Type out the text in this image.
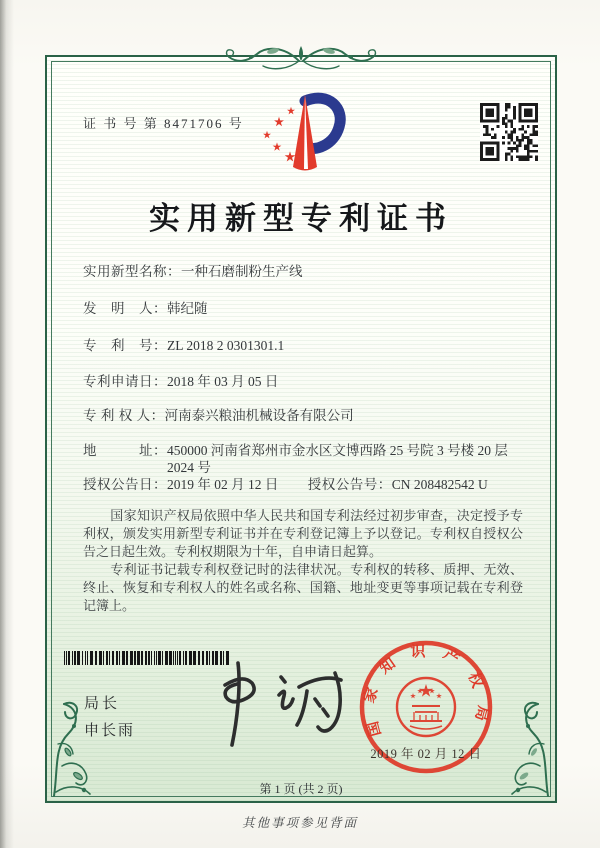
证 书 号 第 8471706 号
实用新型专利证书
实用新型名称：一种石磨制粉生产线
发　明　人：韩纪随
专　利　号：ZL 2018 2 0301301.1
专利申请日：2018 年 03 月 05 日
专 利 权 人：河南泰兴粮油机械设备有限公司
地　　　址： 450000 河南省郑州市金水区文博西路 25 号院 3 号楼 20 层 2024 号
授权公告日：2019 年 02 月 12 日 授权公告号：CN 208482542 U

国家知识产权局依照中华人民共和国专利法经过初步审查，决定授予专利权，颁发实用新型专利证书并在专利登记簿上予以登记。专利权自授权公告之日起生效。专利权期限为十年，自申请日起算。

专利证书记载专利权登记时的法律状况。专利权的转移、质押、无效、终止、恢复和专利权人的姓名或名称、国籍、地址变更等事项记载在专利登记簿上。

局长
申长雨	国家知识产权局
2019 年 02 月 12 日
第 1 页 (共 2 页)
其他事项参见背面
